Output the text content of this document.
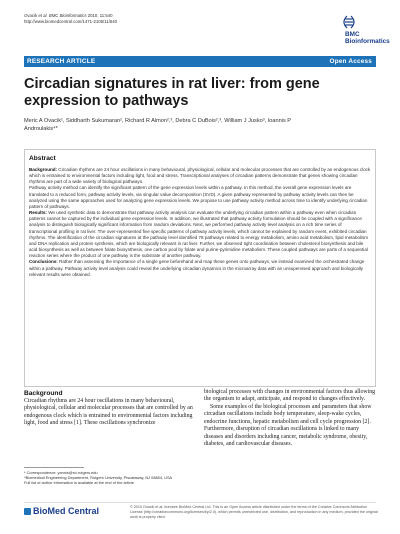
Ovacik et al. BMC Bioinformatics 2010, 11:540
http://www.biomedcentral.com/1471-2105/11/540
BMC
Bioinformatics
RESEARCH ARTICLE	Open Access
Circadian signatures in rat liver: from gene expression to pathways
Meric A Ovacik¹, Siddharth Sukumaran², Richard R Almon²,³, Debra C DuBois²,³, William J Jusko³, Ioannis P Androulakis⁴*
Abstract

Background: Circadian rhythms are 24 hour oscillations in many behavioural, physiological, cellular and molecular processes that are controlled by an endogenous clock which is entrained to environmental factors including light, food and stress. Transcriptional analyses of circadian patterns demonstrate that genes showing circadian rhythms are part of a wide variety of biological pathways.

Pathway activity method can identify the significant pattern of the gene expression levels within a pathway. In this method, the overall gene expression levels are translated to a reduced form, pathway activity levels, via singular value decomposition (SVD). A given pathway represented by pathway activity levels can then be analyzed using the same approaches used for analyzing gene expression levels. We propose to use pathway activity method across time to identify underlying circadian pattern of pathways.

Results: We used synthetic data to demonstrate that pathway activity analysis can evaluate the underlying circadian pattern within a pathway even when circadian patterns cannot be captured by the individual gene expression levels. In addition, we illustrated that pathway activity formulation should be coupled with a significance analysis to distinguish biologically significant information from random deviations. Next, we performed pathway activity level analysis on a rich time series of transcriptional profiling in rat liver. The over-represented five specific patterns of pathway activity levels, which cannot be explained by random event, exhibited circadian rhythms. The identification of the circadian signatures at the pathway level identified 78 pathways related to energy metabolism, amino acid metabolism, lipid metabolism and DNA replication and protein synthesis, which are biologically relevant in rat liver. Further, we observed tight coordination between cholesterol biosynthesis and bile acid biosynthesis as well as between folate biosynthesis, one carbon pool by folate and purine-pyrimidine metabolism. These coupled pathways are parts of a sequential reaction series where the product of one pathway is the substrate of another pathway.

Conclusions: Rather than assessing the importance of a single gene beforehand and map these genes onto pathways, we instead examined the orchestrated change within a pathway. Pathway activity level analysis could reveal the underlying circadian dynamics in the microarray data with an unsupervised approach and biologically relevant results were obtained.

Background
Circadian rhythms are 24 hour oscillations in many behavioural, physiological, cellular and molecular processes that are controlled by an endogenous clock which is entrained to environmental factors including light, food and stress [1]. These oscillations synchronize

biological processes with changes in environmental factors thus allowing the organism to adapt, anticipate, and respond to changes effectively.

Some examples of the biological processes and parameters that show circadian oscillations include body temperature, sleep-wake cycles, endocrine functions, hepatic metabolism and cell cycle progression [2]. Furthermore, disruption of circadian oscillations is linked to many diseases and disorders including cancer, metabolic syndrome, obesity, diabetes, and cardiovascular diseases.

* Correspondence: yannis@rci.rutgers.edu
⁴Biomedical Engineering Department, Rutgers University, Piscataway, NJ 08854, USA
Full list of author information is available at the end of the article
BioMed Central	© 2010 Ovacik et al; licensee BioMed Central Ltd. This is an Open Access article distributed under the terms of the Creative Commons Attribution License (http://creativecommons.org/licenses/by/2.0), which permits unrestricted use, distribution, and reproduction in any medium, provided the original work is properly cited.
